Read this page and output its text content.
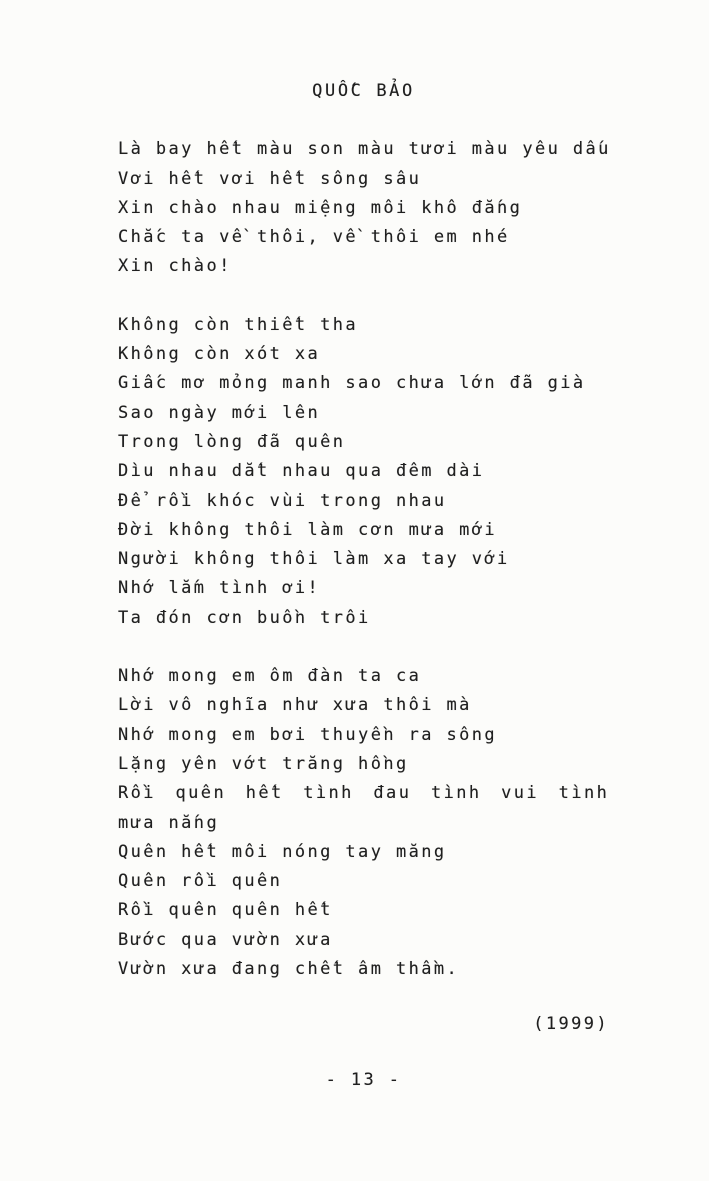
QUỐC BẢO
Là bay hết màu son màu tươi màu yêu dấu
Vơi hết vơi hết sông sâu
Xin chào nhau miệng môi khô đắng
Chắc ta về thôi, về thôi em nhé
Xin chào!
Không còn thiết tha
Không còn xót xa
Giấc mơ mỏng manh sao chưa lớn đã già
Sao ngày mới lên
Trong lòng đã quên
Dìu nhau dắt nhau qua đêm dài
Để rồi khóc vùi trong nhau
Đời không thôi làm cơn mưa mới
Người không thôi làm xa tay với
Nhớ lắm tình ơi!
Ta đón cơn buồn trôi
Nhớ mong em ôm đàn ta ca
Lời vô nghĩa như xưa thôi mà
Nhớ mong em bơi thuyền ra sông
Lặng yên vớt trăng hồng
Rồi quên hết tình đau tình vui tình
mưa nắng
Quên hết môi nóng tay măng
Quên rồi quên
Rồi quên quên hết
Bước qua vườn xưa
Vườn xưa đang chết âm thầm.
(1999)
- 13 -
